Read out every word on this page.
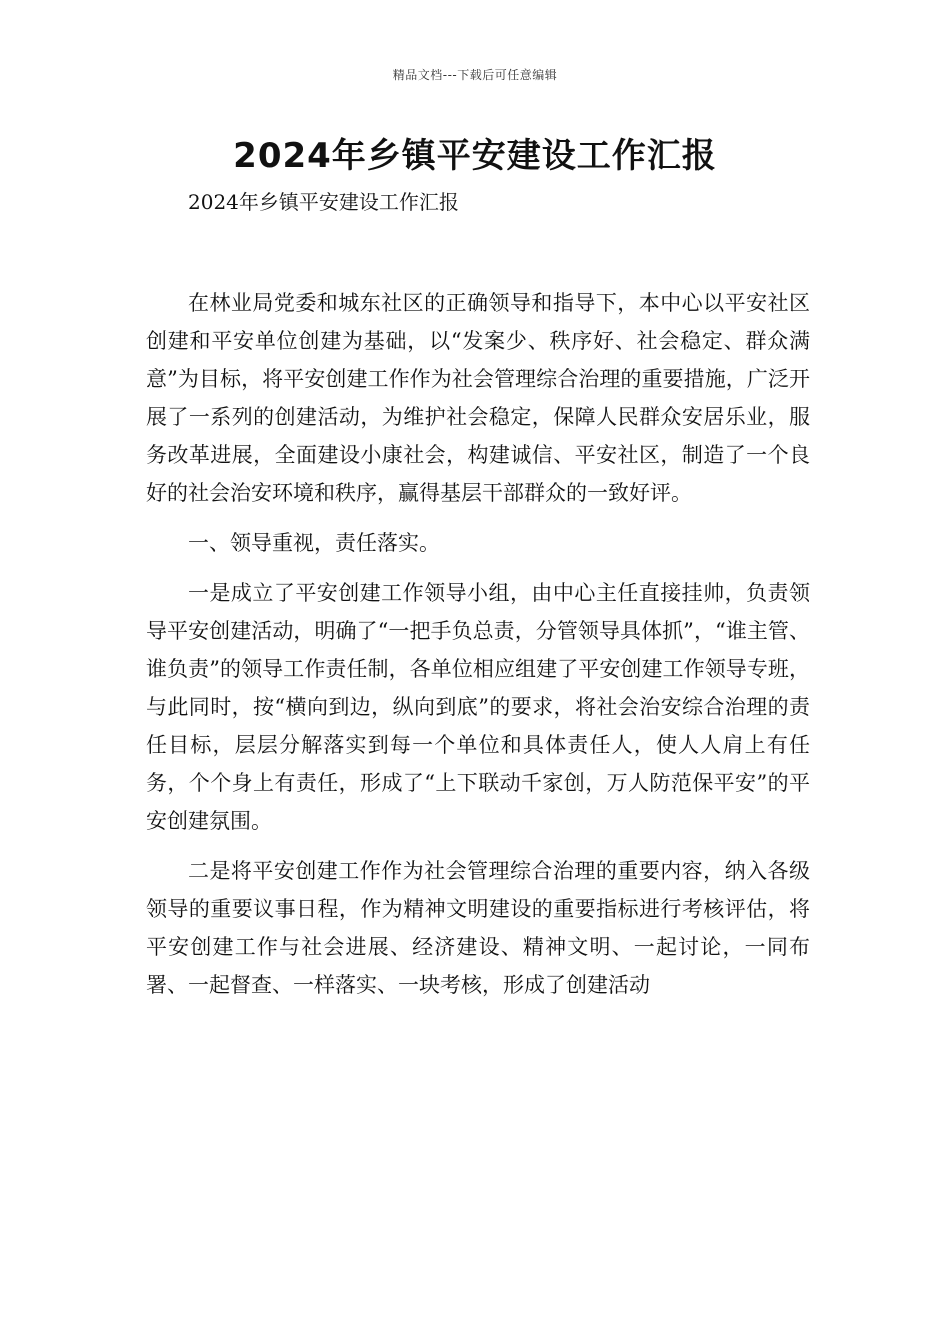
精品文档---下载后可任意编辑
2024年乡镇平安建设工作汇报
2024年乡镇平安建设工作汇报

在林业局党委和城东社区的正确领导和指导下，本中心以平安社区创建和平安单位创建为基础，以“发案少、秩序好、社会稳定、群众满意”为目标，将平安创建工作作为社会管理综合治理的重要措施，广泛开展了一系列的创建活动，为维护社会稳定，保障人民群众安居乐业，服务改革进展，全面建设小康社会，构建诚信、平安社区，制造了一个良好的社会治安环境和秩序，赢得基层干部群众的一致好评。

一、领导重视，责任落实。

一是成立了平安创建工作领导小组，由中心主任直接挂帅，负责领导平安创建活动，明确了“一把手负总责，分管领导具体抓”，“谁主管、谁负责”的领导工作责任制，各单位相应组建了平安创建工作领导专班，与此同时，按“横向到边，纵向到底”的要求，将社会治安综合治理的责任目标，层层分解落实到每一个单位和具体责任人，使人人肩上有任务，个个身上有责任，形成了“上下联动千家创，万人防范保平安”的平安创建氛围。

二是将平安创建工作作为社会管理综合治理的重要内容，纳入各级领导的重要议事日程，作为精神文明建设的重要指标进行考核评估，将平安创建工作与社会进展、经济建设、精神文明、一起讨论，一同布署、一起督查、一样落实、一块考核，形成了创建活动
